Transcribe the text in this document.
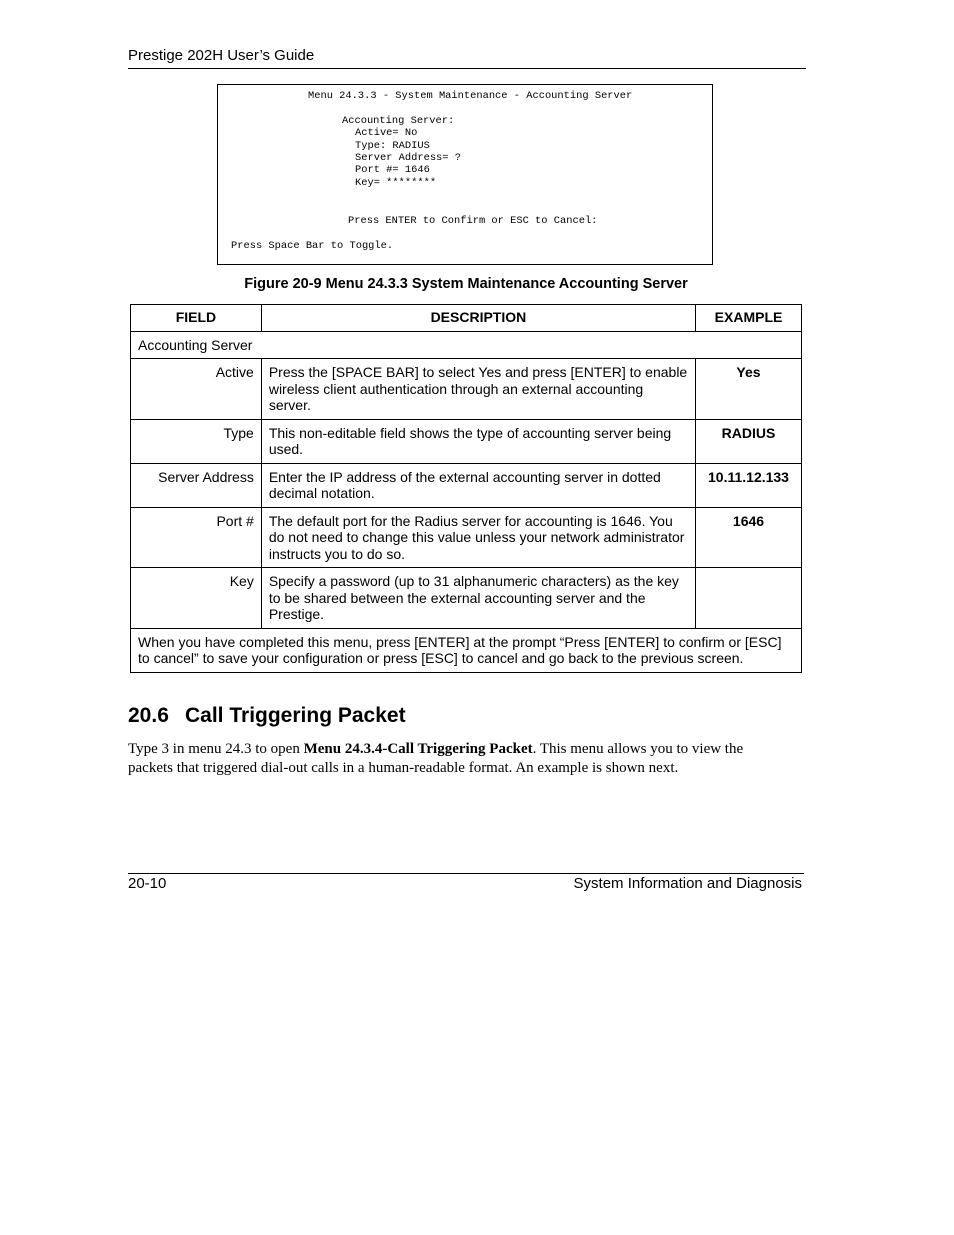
Prestige 202H User’s Guide
Menu 24.3.3 - System Maintenance - Accounting Server
Accounting Server:
Active= No
Type: RADIUS
Server Address= ?
Port #= 1646
Key= ********
Press ENTER to Confirm or ESC to Cancel:
Press Space Bar to Toggle.
Figure 20-9 Menu 24.3.3 System Maintenance Accounting Server
FIELD	DESCRIPTION	EXAMPLE
Accounting Server		
Active	Press the [SPACE BAR] to select Yes and press [ENTER] to enable wireless client authentication through an external accounting server.	Yes
Type	This non-editable field shows the type of accounting server being used.	RADIUS
Server Address	Enter the IP address of the external accounting server in dotted decimal notation.	10.11.12.133
Port #	The default port for the Radius server for accounting is 1646. You do not need to change this value unless your network administrator instructs you to do so.	1646
Key	Specify a password (up to 31 alphanumeric characters) as the key to be shared between the external accounting server and the Prestige.	
When you have completed this menu, press [ENTER] at the prompt “Press [ENTER] to confirm or [ESC] to cancel” to save your configuration or press [ESC] to cancel and go back to the previous screen.		
20.6 Call Triggering Packet
Type 3 in menu 24.3 to open Menu 24.3.4-Call Triggering Packet. This menu allows you to view the packets that triggered dial-out calls in a human-readable format. An example is shown next.
20-10	System Information and Diagnosis
